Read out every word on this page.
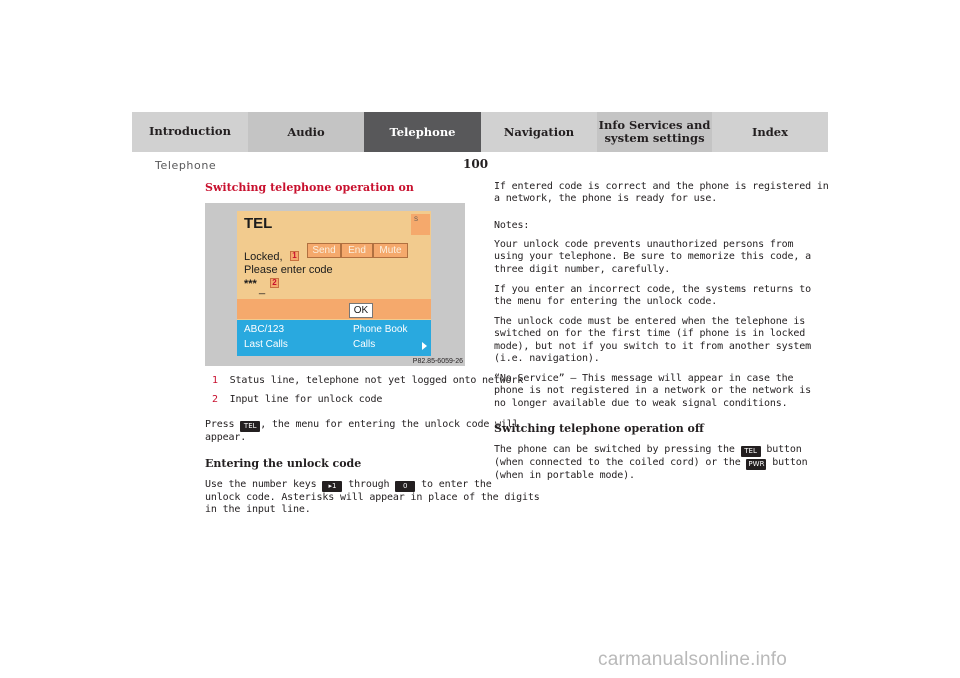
Introduction	Audio	Telephone	Navigation	Info Services and
system settings	Index
Telephone	100
Switching telephone operation on
TEL	S
Locked, 1	Send	End	Mute
Please enter code
*** _
2
OK
ABC/123	Phone Book
Last Calls	Calls
P82.85-6059-26
1 Status line, telephone not yet logged onto network
2 Input line for unlock code
Press TEL , the menu for entering the unlock code will
appear.
Entering the unlock code
Use the number keys ▸1 through 0 to enter the
unlock code. Asterisks will appear in place of the digits
in the input line.
If entered code is correct and the phone is registered in
a network, the phone is ready for use.
Notes:
Your unlock code prevents unauthorized persons from
using your telephone. Be sure to memorize this code, a
three digit number, carefully.
If you enter an incorrect code, the systems returns to
the menu for entering the unlock code.
The unlock code must be entered when the telephone is
switched on for the first time (if phone is in locked
mode), but not if you switch to it from another system
(i.e. navigation).
“No Service” – This message will appear in case the
phone is not registered in a network or the network is
no longer available due to weak signal conditions.
Switching telephone operation off
The phone can be switched by pressing the TEL button
(when connected to the coiled cord) or the PWR button
(when in portable mode).
carmanualsonline.info
